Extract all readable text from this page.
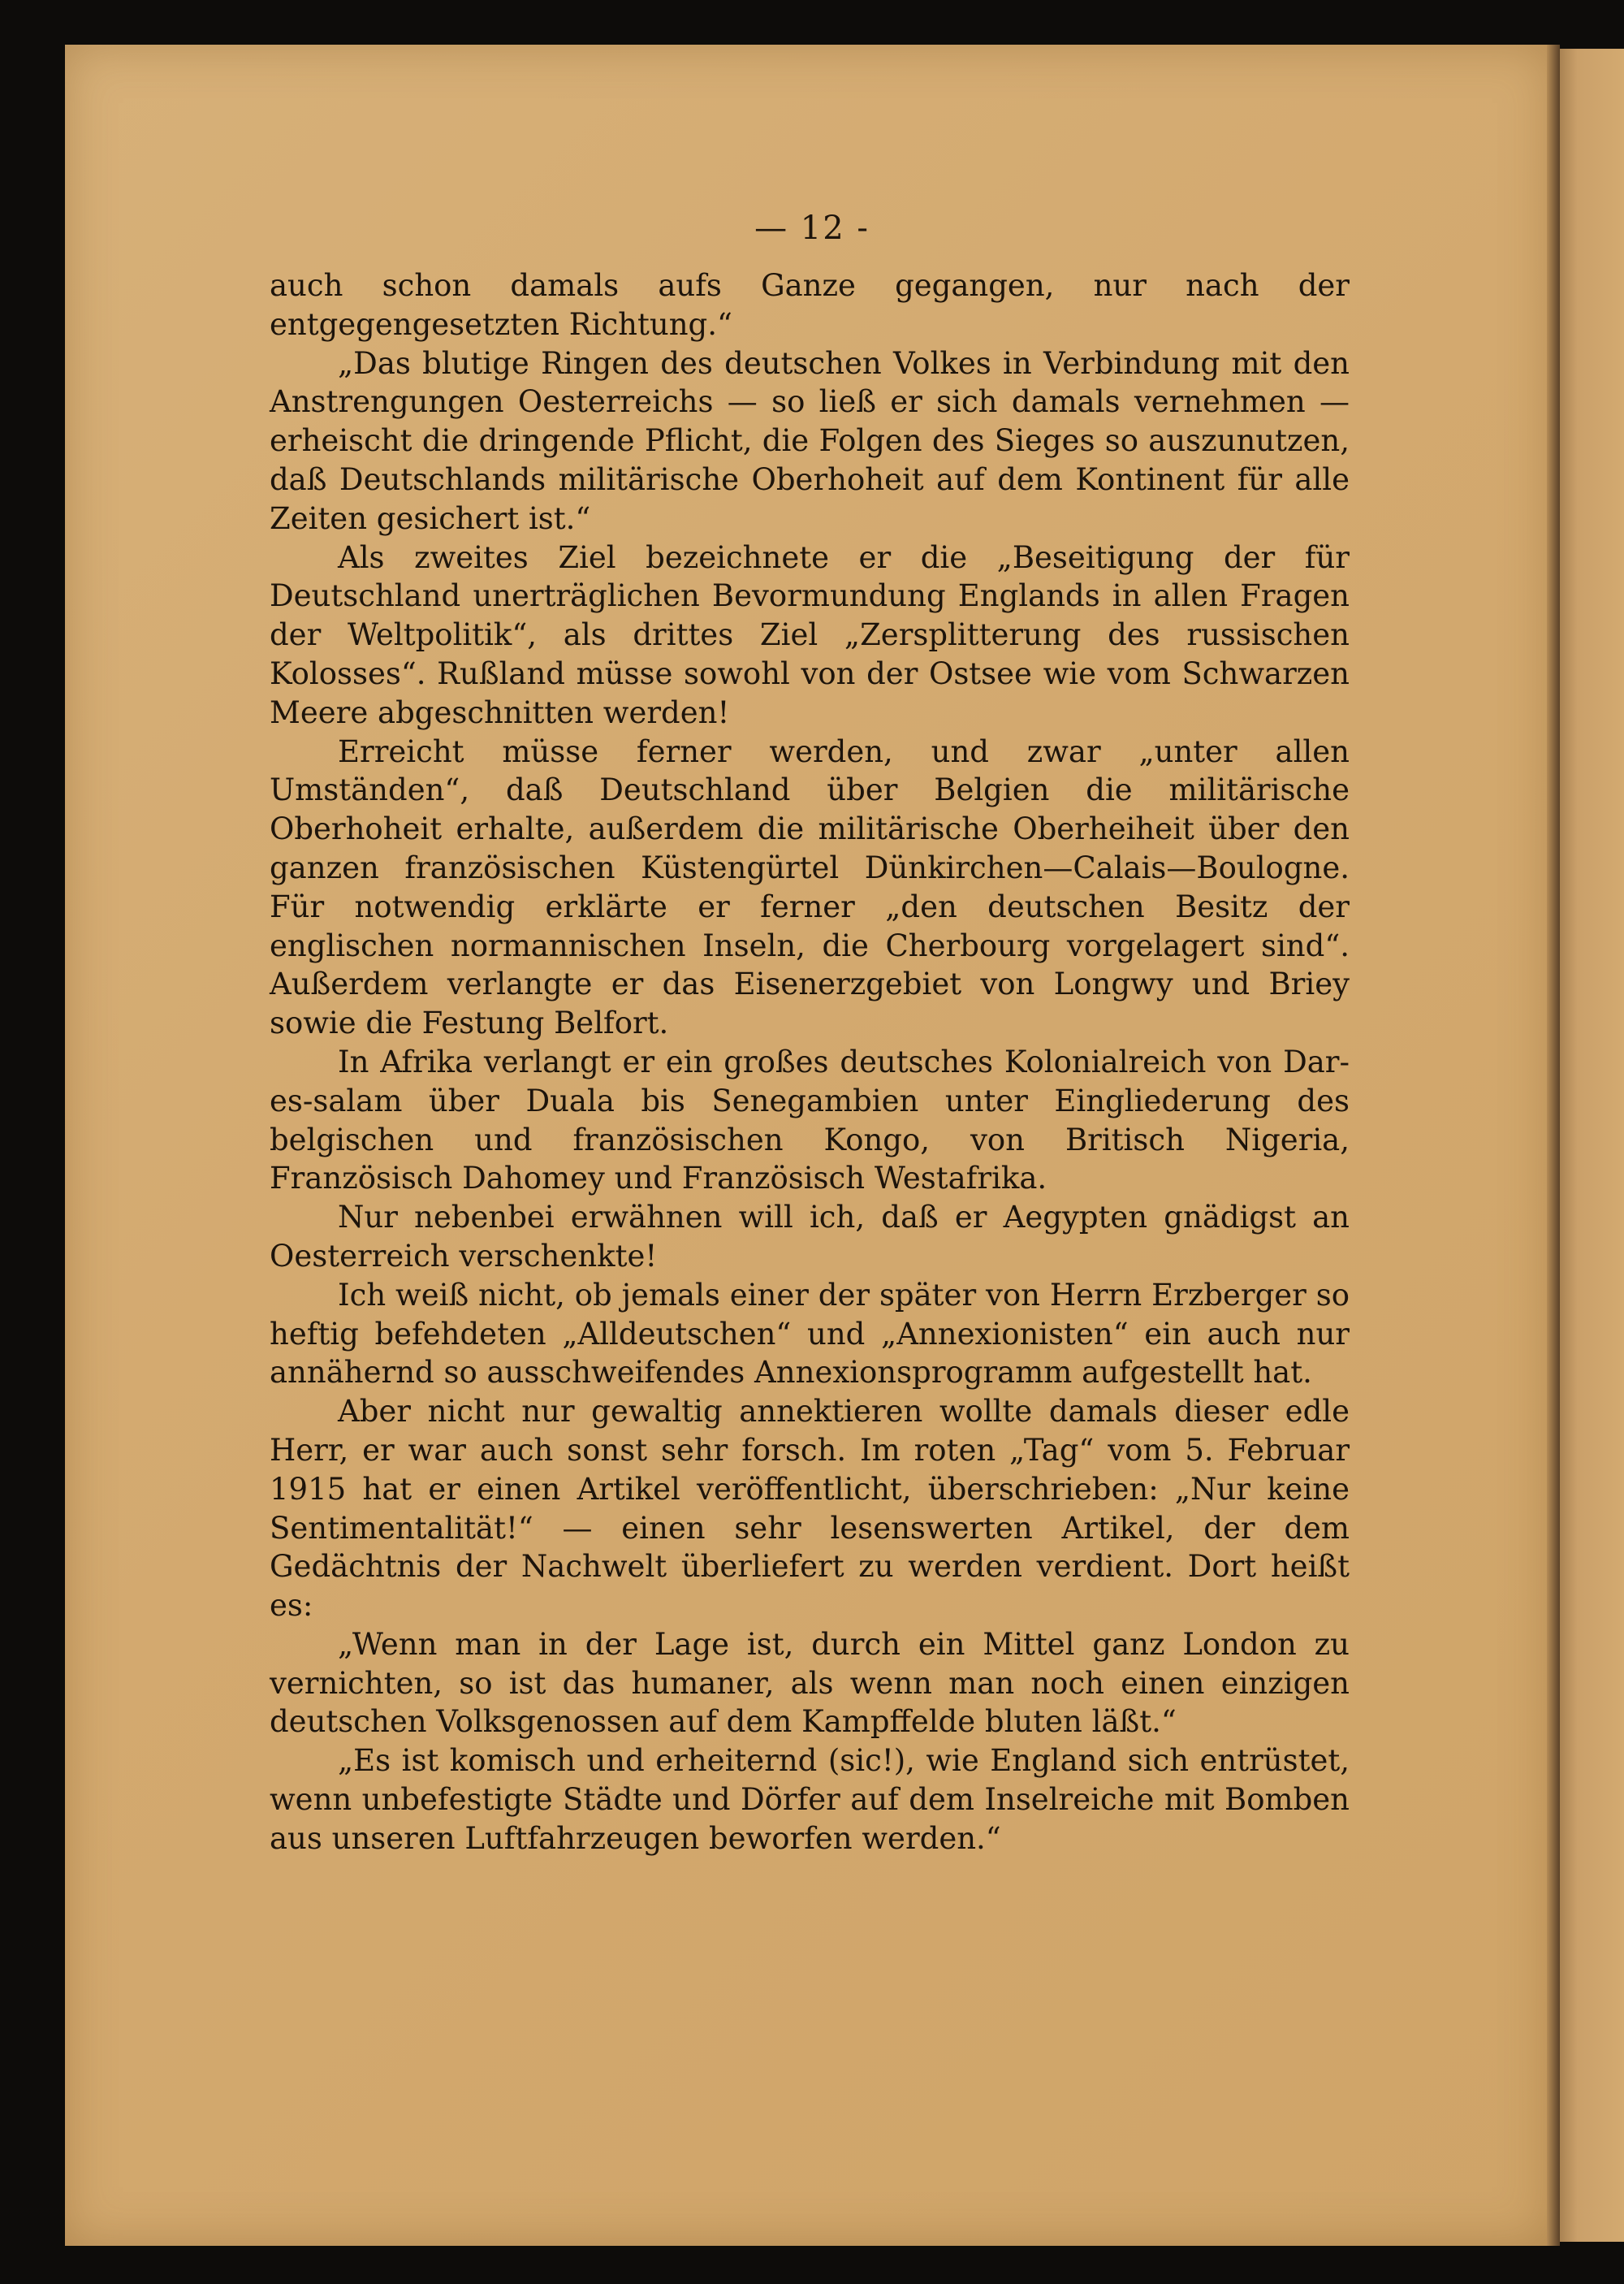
— 12 -

auch schon damals aufs Ganze gegangen, nur nach der entgegengesetzten Richtung.“

„Das blutige Ringen des deutschen Volkes in Verbindung mit den Anstrengungen Oesterreichs — so ließ er sich damals vernehmen — erheischt die dringende Pflicht, die Folgen des Sieges so auszunutzen, daß Deutschlands militärische Oberhoheit auf dem Kontinent für alle Zeiten gesichert ist.“

Als zweites Ziel bezeichnete er die „Beseitigung der für Deutschland unerträglichen Bevormundung Englands in allen Fragen der Weltpolitik“, als drittes Ziel „Zersplitterung des russischen Kolosses“. Rußland müsse sowohl von der Ostsee wie vom Schwarzen Meere abgeschnitten werden!

Erreicht müsse ferner werden, und zwar „unter allen Umständen“, daß Deutschland über Belgien die militärische Oberhoheit erhalte, außerdem die militärische Oberheiheit über den ganzen französischen Küstengürtel Dünkirchen—Calais—Boulogne. Für notwendig erklärte er ferner „den deutschen Besitz der englischen normannischen Inseln, die Cherbourg vorgelagert sind“. Außerdem verlangte er das Eisenerzgebiet von Longwy und Briey sowie die Festung Belfort.

In Afrika verlangt er ein großes deutsches Kolonialreich von Dar-es-salam über Duala bis Senegambien unter Eingliederung des belgischen und französischen Kongo, von Britisch Nigeria, Französisch Dahomey und Französisch Westafrika.

Nur nebenbei erwähnen will ich, daß er Aegypten gnädigst an Oesterreich verschenkte!

Ich weiß nicht, ob jemals einer der später von Herrn Erzberger so heftig befehdeten „Alldeutschen“ und „Annexionisten“ ein auch nur annähernd so ausschweifendes Annexionsprogramm aufgestellt hat.

Aber nicht nur gewaltig annektieren wollte damals dieser edle Herr, er war auch sonst sehr forsch. Im roten „Tag“ vom 5. Februar 1915 hat er einen Artikel veröffentlicht, überschrieben: „Nur keine Sentimentalität!“ — einen sehr lesenswerten Artikel, der dem Gedächtnis der Nachwelt überliefert zu werden verdient. Dort heißt es:

„Wenn man in der Lage ist, durch ein Mittel ganz London zu vernichten, so ist das humaner, als wenn man noch einen einzigen deutschen Volksgenossen auf dem Kampffelde bluten läßt.“

„Es ist komisch und erheiternd (sic!), wie England sich entrüstet, wenn unbefestigte Städte und Dörfer auf dem Inselreiche mit Bomben aus unseren Luftfahrzeugen beworfen werden.“
